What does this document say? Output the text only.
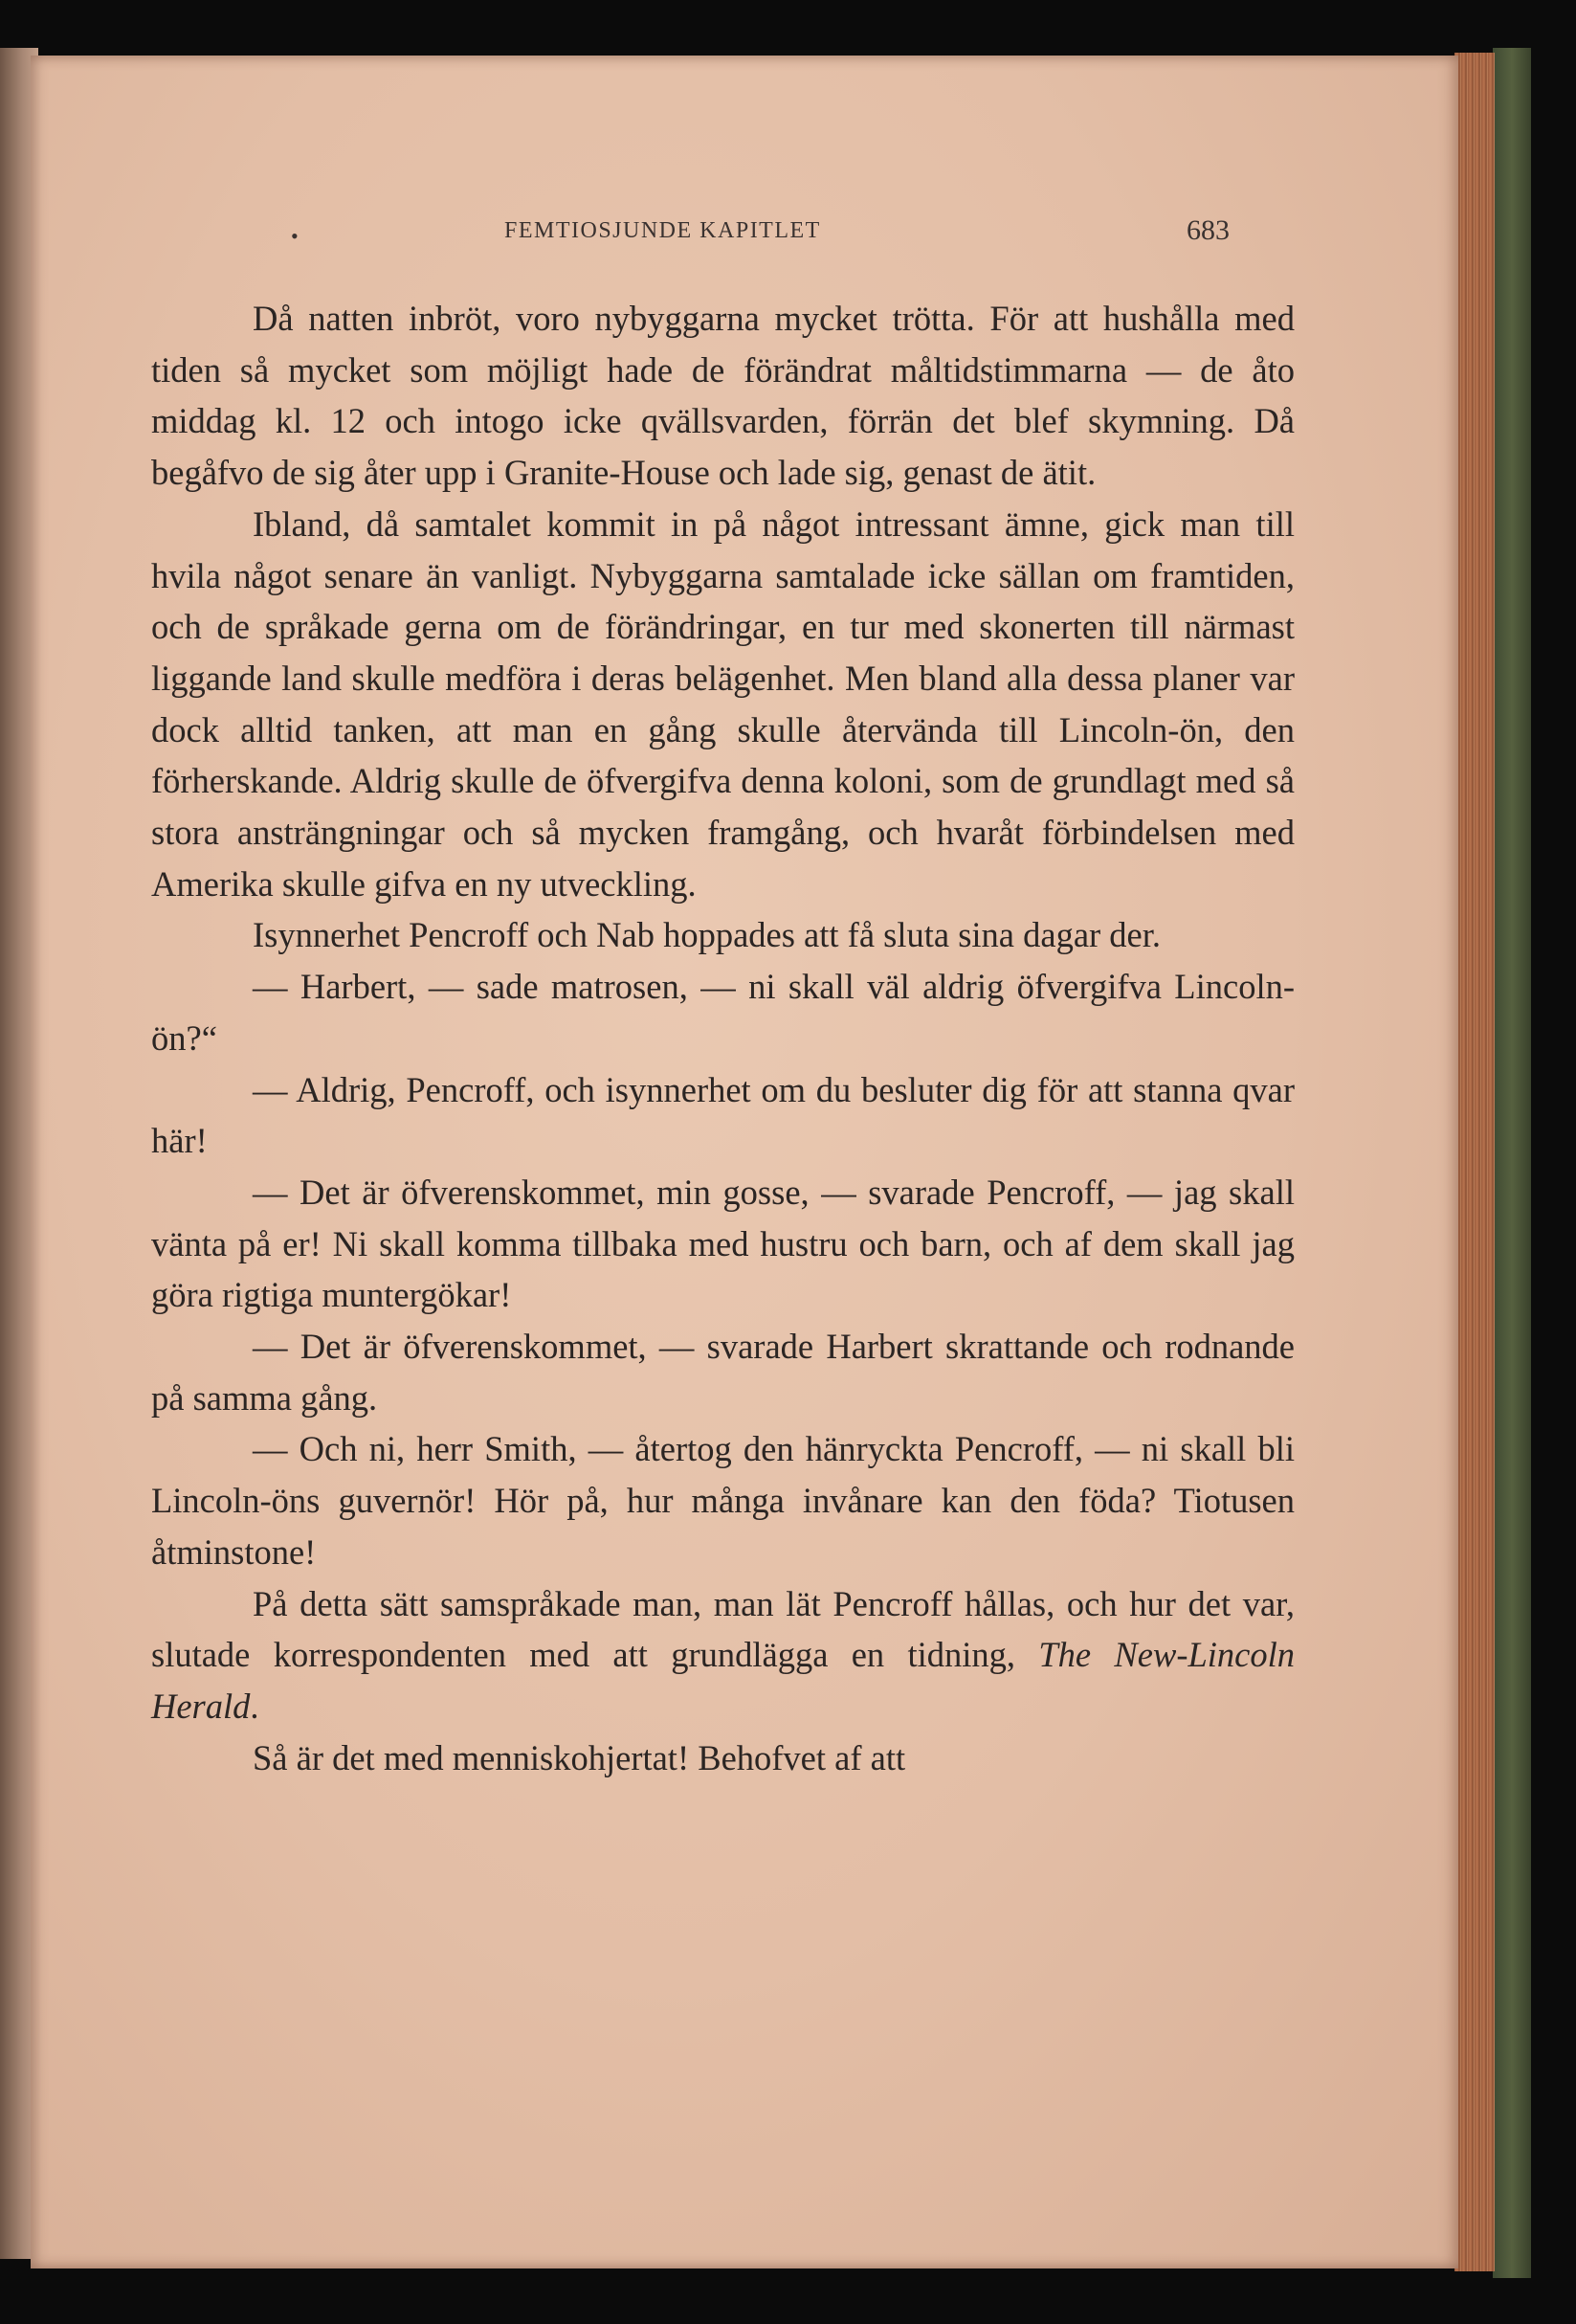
•	FEMTIOSJUNDE KAPITLET	683

Då natten inbröt, voro nybyggarna mycket trötta. För att hushålla med tiden så mycket som möjligt hade de förändrat måltidstimmarna — de åto middag kl. 12 och intogo icke qvällsvarden, förrän det blef skymning. Då begåfvo de sig åter upp i Granite-House och lade sig, genast de ätit.

Ibland, då samtalet kommit in på något intressant ämne, gick man till hvila något senare än vanligt. Nybyggarna samtalade icke sällan om framtiden, och de språkade gerna om de förändringar, en tur med skonerten till närmast liggande land skulle medföra i deras belägenhet. Men bland alla dessa planer var dock alltid tanken, att man en gång skulle återvända till Lincoln-ön, den förherskande. Aldrig skulle de öfvergifva denna koloni, som de grundlagt med så stora ansträngningar och så mycken framgång, och hvaråt förbindelsen med Amerika skulle gifva en ny utveckling.

Isynnerhet Pencroff och Nab hoppades att få sluta sina dagar der.

— Harbert, — sade matrosen, — ni skall väl aldrig öfvergifva Lincoln-ön?“

— Aldrig, Pencroff, och isynnerhet om du besluter dig för att stanna qvar här!

— Det är öfverenskommet, min gosse, — svarade Pencroff, — jag skall vänta på er! Ni skall komma tillbaka med hustru och barn, och af dem skall jag göra rigtiga muntergökar!

— Det är öfverenskommet, — svarade Harbert skrattande och rodnande på samma gång.

— Och ni, herr Smith, — återtog den hänryckta Pencroff, — ni skall bli Lincoln-öns guvernör! Hör på, hur många invånare kan den föda? Tiotusen åtminstone!

På detta sätt samspråkade man, man lät Pencroff hållas, och hur det var, slutade korrespondenten med att grundlägga en tidning, The New-Lincoln Herald.

Så är det med menniskohjertat! Behofvet af att
